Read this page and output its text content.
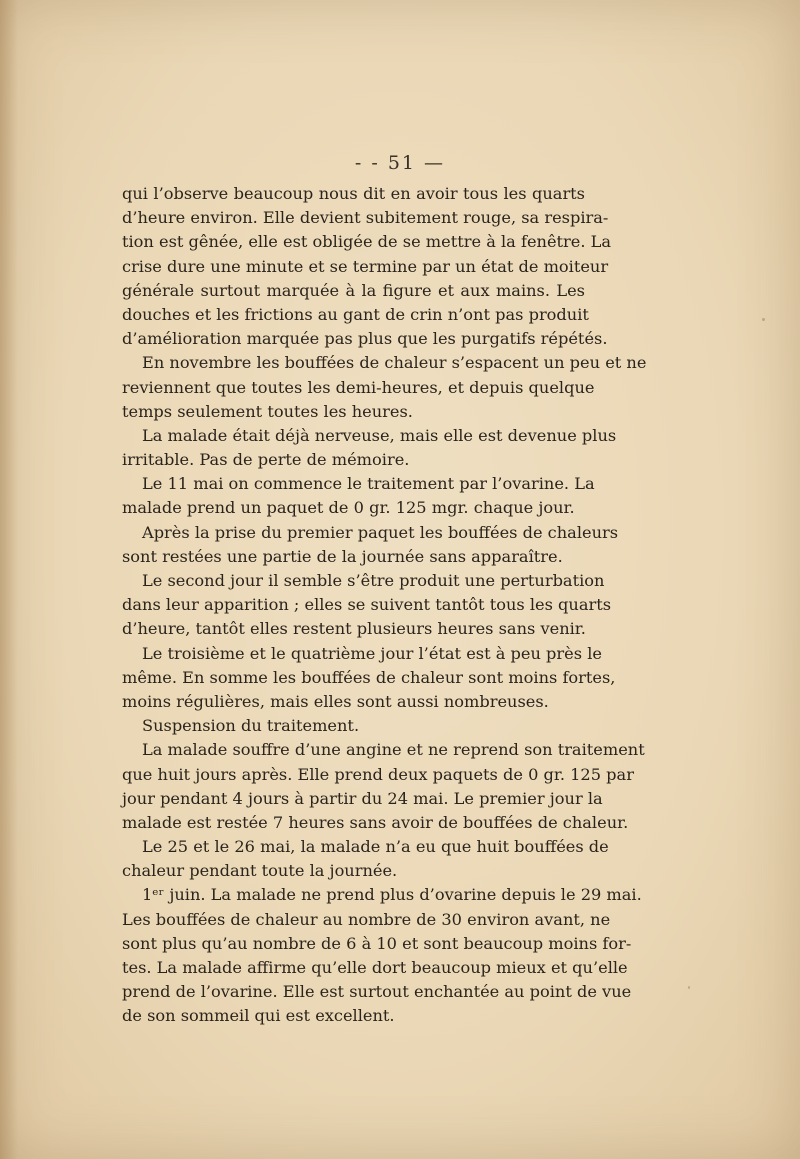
- - 51 —
qui l’observe beaucoup nous dit en avoir tous les quarts
d’heure environ. Elle devient subitement rouge, sa respira-
tion est gênée, elle est obligée de se mettre à la fenêtre. La
crise dure une minute et se termine par un état de moiteur
générale surtout marquée à la figure et aux mains. Les
douches et les frictions au gant de crin n’ont pas produit
d’amélioration marquée pas plus que les purgatifs répétés.
En novembre les bouffées de chaleur s’espacent un peu et ne
reviennent que toutes les demi-heures, et depuis quelque
temps seulement toutes les heures.
La malade était déjà nerveuse, mais elle est devenue plus
irritable. Pas de perte de mémoire.
Le 11 mai on commence le traitement par l’ovarine. La
malade prend un paquet de 0 gr. 125 mgr. chaque jour.
Après la prise du premier paquet les bouffées de chaleurs
sont restées une partie de la journée sans apparaître.
Le second jour il semble s’être produit une perturbation
dans leur apparition ; elles se suivent tantôt tous les quarts
d’heure, tantôt elles restent plusieurs heures sans venir.
Le troisième et le quatrième jour l’état est à peu près le
même. En somme les bouffées de chaleur sont moins fortes,
moins régulières, mais elles sont aussi nombreuses.
Suspension du traitement.
La malade souffre d’une angine et ne reprend son traitement
que huit jours après. Elle prend deux paquets de 0 gr. 125 par
jour pendant 4 jours à partir du 24 mai. Le premier jour la
malade est restée 7 heures sans avoir de bouffées de chaleur.
Le 25 et le 26 mai, la malade n’a eu que huit bouffées de
chaleur pendant toute la journée.
1ᵉʳ juin. La malade ne prend plus d’ovarine depuis le 29 mai.
Les bouffées de chaleur au nombre de 30 environ avant, ne
sont plus qu’au nombre de 6 à 10 et sont beaucoup moins for-
tes. La malade affirme qu’elle dort beaucoup mieux et qu’elle
prend de l’ovarine. Elle est surtout enchantée au point de vue
de son sommeil qui est excellent.
